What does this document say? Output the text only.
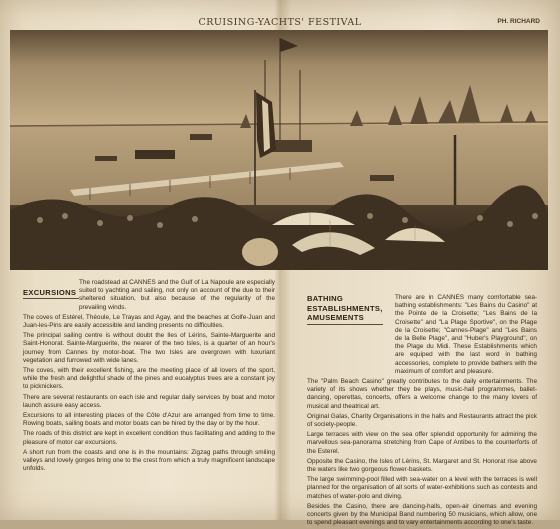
CRUISING-YACHTS' FESTIVAL	PH. RICHARD
EXCURSIONS

The roadstead at CANNES and the Gulf of La Napoule are especially suited to yachting and sailing, not only on account of the due to their sheltered situation, but also because of the regularity of the prevailing winds.

The coves of Estérel, Théoule, Le Trayas and Agay, and the beaches at Golfe-Juan and Juan-les-Pins are easily accessible and landing presents no difficulties.

The principal sailing centre is without doubt the Iles of Lérins, Sainte-Marguerite and Saint-Honorat. Sainte-Marguerite, the nearer of the two Isles, is a quarter of an hour's journey from Cannes by motor-boat. The two Isles are overgrown with luxuriant vegetation and furrowed with wide lanes.

The coves, with their excellent fishing, are the meeting place of all lovers of the sport, while the fresh and delightful shade of the pines and eucalyptus trees are a constant joy to picknickers.

There are several restaurants on each isle and regular daily services by boat and motor launch assure easy access.

Excursions to all interesting places of the Côte d'Azur are arranged from time to time. Rowing boats, sailing boats and motor boats can be hired by the day or by the hour.

The roads of this district are kept in excellent condition thus facilitating and adding to the pleasure of motor car excursions.

A short run from the coasts and one is in the mountains: Zigzag paths through smiling valleys and lovely gorges bring one to the crest from which a truly magnificent landscape unfolds.

BATHING
ESTABLISHMENTS,
AMUSEMENTS

There are in CANNES many comfortable sea-bathing establishments: "Les Bains du Casino" at the Pointe de la Croisette; "Les Bains de la Croisette" and "La Plage Sportive", on the Plage de la Croisette; "Cannes-Plage" and "Les Bains de la Belle Plage", and "Huber's Playground", on the Plage du Midi. These Establishments which are equiped with the last word in bathing accessories, complete to provide bathers with the maximum of comfort and pleasure.

The "Palm Beach Casino" greatly contributes to the daily entertainments. The variety of its shows whether they be plays, music-hall programmes, ballet-dancing, operettas, concerts, offers a welcome change to the many lovers of musical and theatrical art.

Original Galas, Charity Organisations in the halls and Restaurants attract the pick of society-people.

Large terraces with view on the sea offer splendid opportunity for admiring the marvellous sea-panorama stretching from Cape of Antibes to the counterforts of the Esterel.

Opposite the Casino, the Isles of Lérins, St. Margaret and St. Honorat rise above the waters like two gorgeous flower-baskets.

The large swimming-pool filled with sea-water on a level with the terraces is well planned for the organisation of all sorts of water-exhibitions such as contests and matches of water-polo and diving.

Besides the Casino, there are dancing-halls, open-air cinemas and evening concerts given by the Municipal Band numbering 50 musicians, which allow, one to spend pleasant evenings and to vary entertainments according to one's taste.
